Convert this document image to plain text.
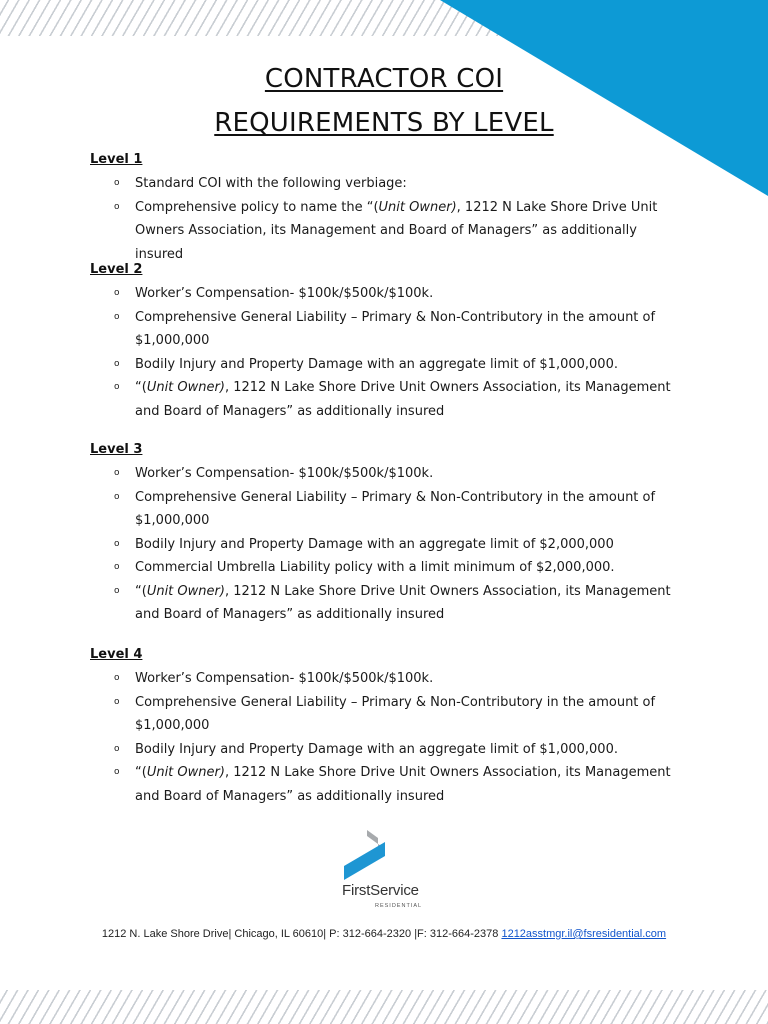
CONTRACTOR COI
REQUIREMENTS BY LEVEL
Level 1
o Standard COI with the following verbiage:
o Comprehensive policy to name the “(Unit Owner), 1212 N Lake Shore Drive Unit Owners Association, its Management and Board of Managers” as additionally insured
Level 2
o Worker’s Compensation- $100k/$500k/$100k.
o Comprehensive General Liability – Primary & Non-Contributory in the amount of $1,000,000
o Bodily Injury and Property Damage with an aggregate limit of $1,000,000.
o “(Unit Owner), 1212 N Lake Shore Drive Unit Owners Association, its Management and Board of Managers” as additionally insured
Level 3
o Worker’s Compensation- $100k/$500k/$100k.
o Comprehensive General Liability – Primary & Non-Contributory in the amount of $1,000,000
o Bodily Injury and Property Damage with an aggregate limit of $2,000,000
o Commercial Umbrella Liability policy with a limit minimum of $2,000,000.
o “(Unit Owner), 1212 N Lake Shore Drive Unit Owners Association, its Management and Board of Managers” as additionally insured
Level 4
o Worker’s Compensation- $100k/$500k/$100k.
o Comprehensive General Liability – Primary & Non-Contributory in the amount of $1,000,000
o Bodily Injury and Property Damage with an aggregate limit of $1,000,000.
o “(Unit Owner), 1212 N Lake Shore Drive Unit Owners Association, its Management and Board of Managers” as additionally insured
FirstService
RESIDENTIAL
1212 N. Lake Shore Drive| Chicago, IL 60610| P: 312-664-2320 |F: 312-664-2378 1212asstmgr.il@fsresidential.com
